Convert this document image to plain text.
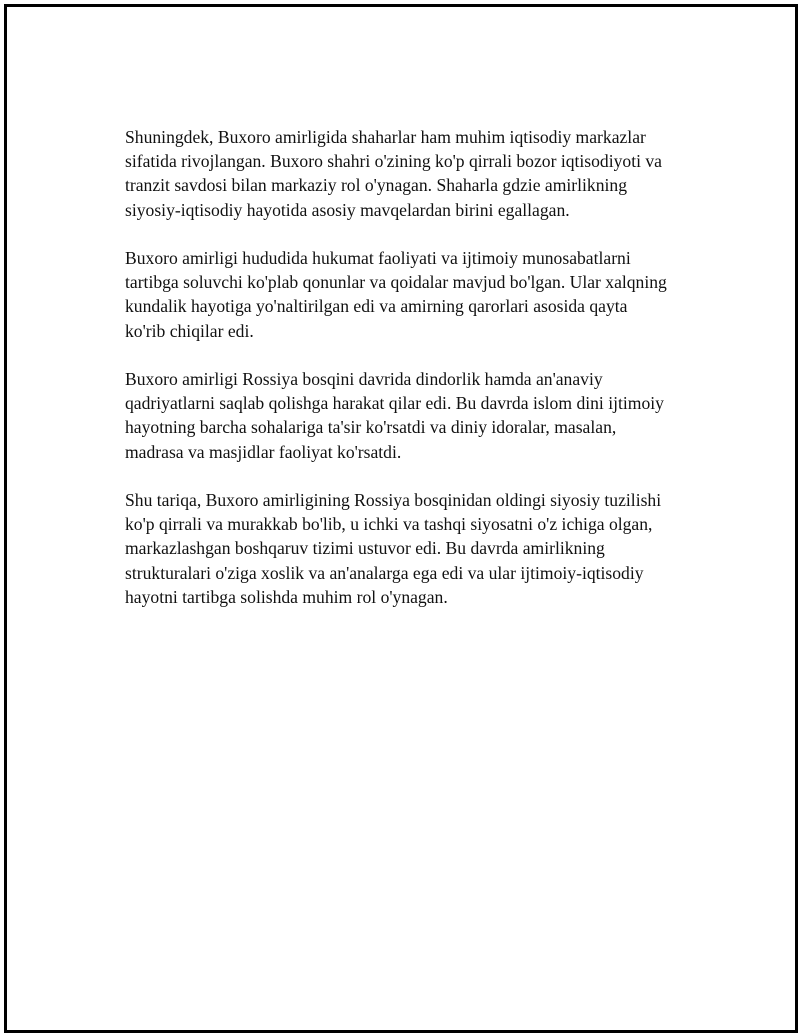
Shuningdek, Buxoro amirligida shaharlar ham muhim iqtisodiy markazlar
sifatida rivojlangan. Buxoro shahri o'zining ko'p qirrali bozor iqtisodiyoti va
tranzit savdosi bilan markaziy rol o'ynagan. Shaharla gdzie amirlikning
siyosiy-iqtisodiy hayotida asosiy mavqelardan birini egallagan.

Buxoro amirligi hududida hukumat faoliyati va ijtimoiy munosabatlarni
tartibga soluvchi ko'plab qonunlar va qoidalar mavjud bo'lgan. Ular xalqning
kundalik hayotiga yo'naltirilgan edi va amirning qarorlari asosida qayta
ko'rib chiqilar edi.

Buxoro amirligi Rossiya bosqini davrida dindorlik hamda an'anaviy
qadriyatlarni saqlab qolishga harakat qilar edi. Bu davrda islom dini ijtimoiy
hayotning barcha sohalariga ta'sir ko'rsatdi va diniy idoralar, masalan,
madrasa va masjidlar faoliyat ko'rsatdi.

Shu tariqa, Buxoro amirligining Rossiya bosqinidan oldingi siyosiy tuzilishi
ko'p qirrali va murakkab bo'lib, u ichki va tashqi siyosatni o'z ichiga olgan,
markazlashgan boshqaruv tizimi ustuvor edi. Bu davrda amirlikning
strukturalari o'ziga xoslik va an'analarga ega edi va ular ijtimoiy-iqtisodiy
hayotni tartibga solishda muhim rol o'ynagan.
